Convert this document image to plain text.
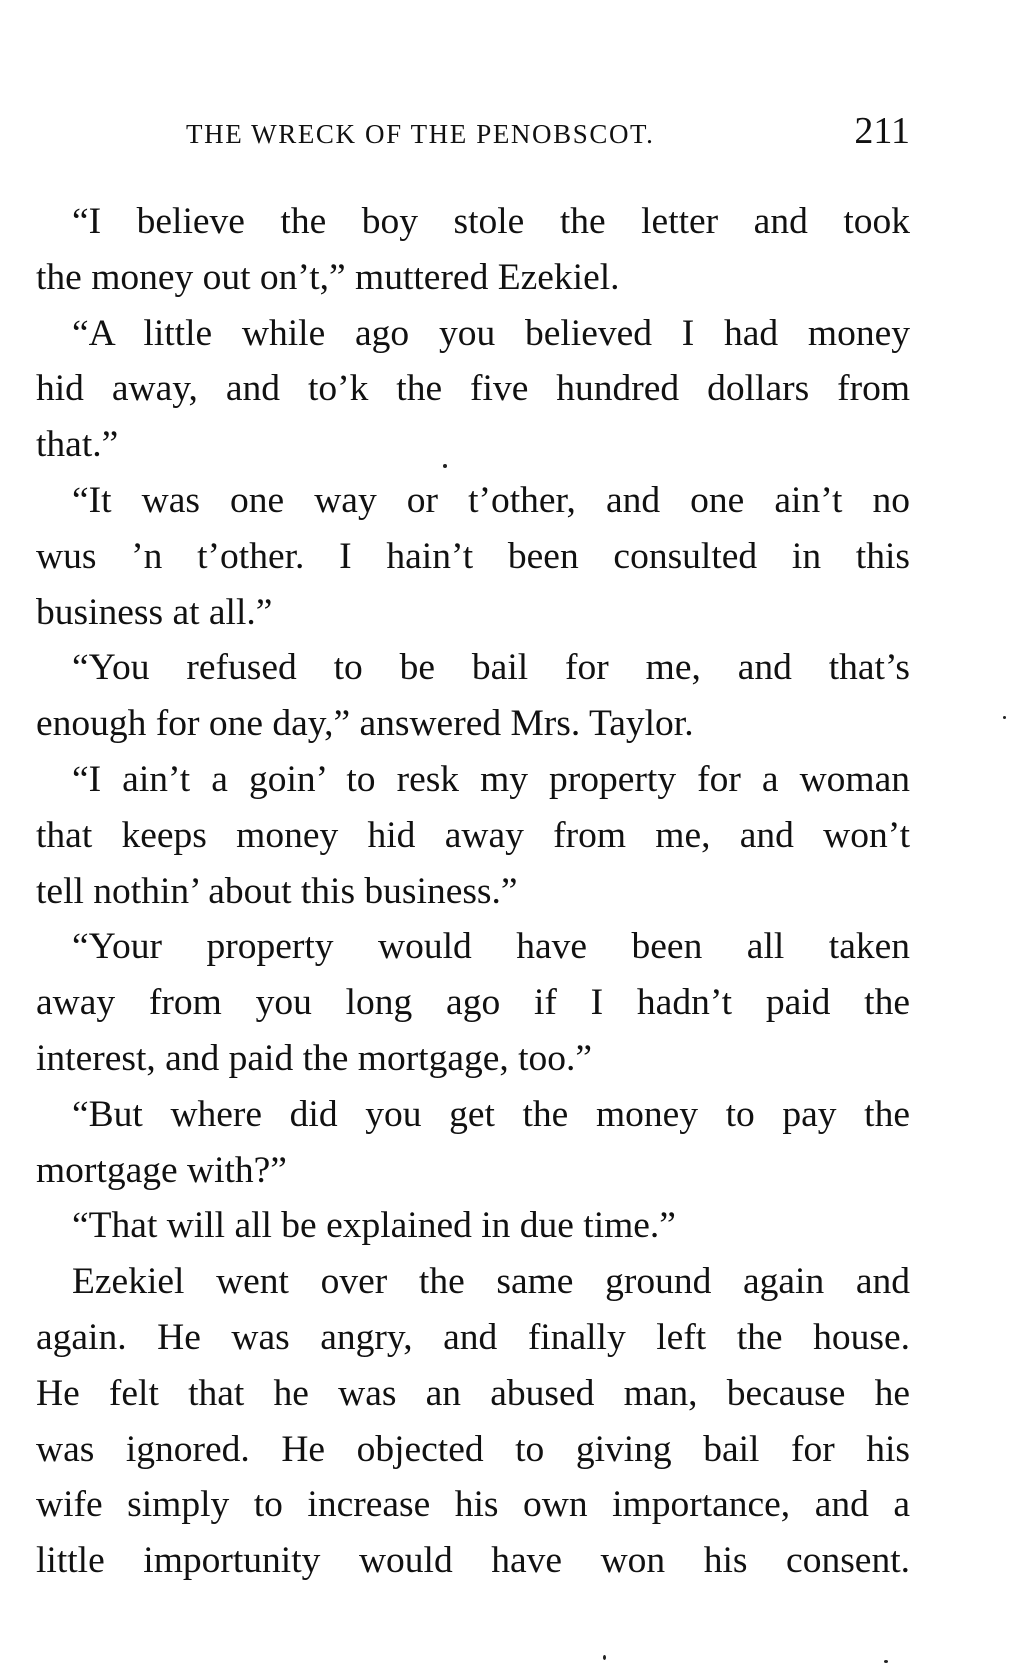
THE WRECK OF THE PENOBSCOT.	211
“I believe the boy stole the letter and took
the money out on’t,” muttered Ezekiel.
“A little while ago you believed I had money
hid away, and toʼk the five hundred dollars from
that.”
“It was one way or t’other, and one ain’t no
wus ’n t’other. I hain’t been consulted in this
business at all.”
“You refused to be bail for me, and that’s
enough for one day,” answered Mrs. Taylor.
“I ain’t a goin’ to resk my property for a woman
that keeps money hid away from me, and won’t
tell nothin’ about this business.”
“Your property would have been all taken
away from you long ago if I hadn’t paid the
interest, and paid the mortgage, too.”
“But where did you get the money to pay the
mortgage with?”
“That will all be explained in due time.”
Ezekiel went over the same ground again and
again. He was angry, and finally left the house.
He felt that he was an abused man, because he
was ignored. He objected to giving bail for his
wife simply to increase his own importance, and a
little importunity would have won his consent.
